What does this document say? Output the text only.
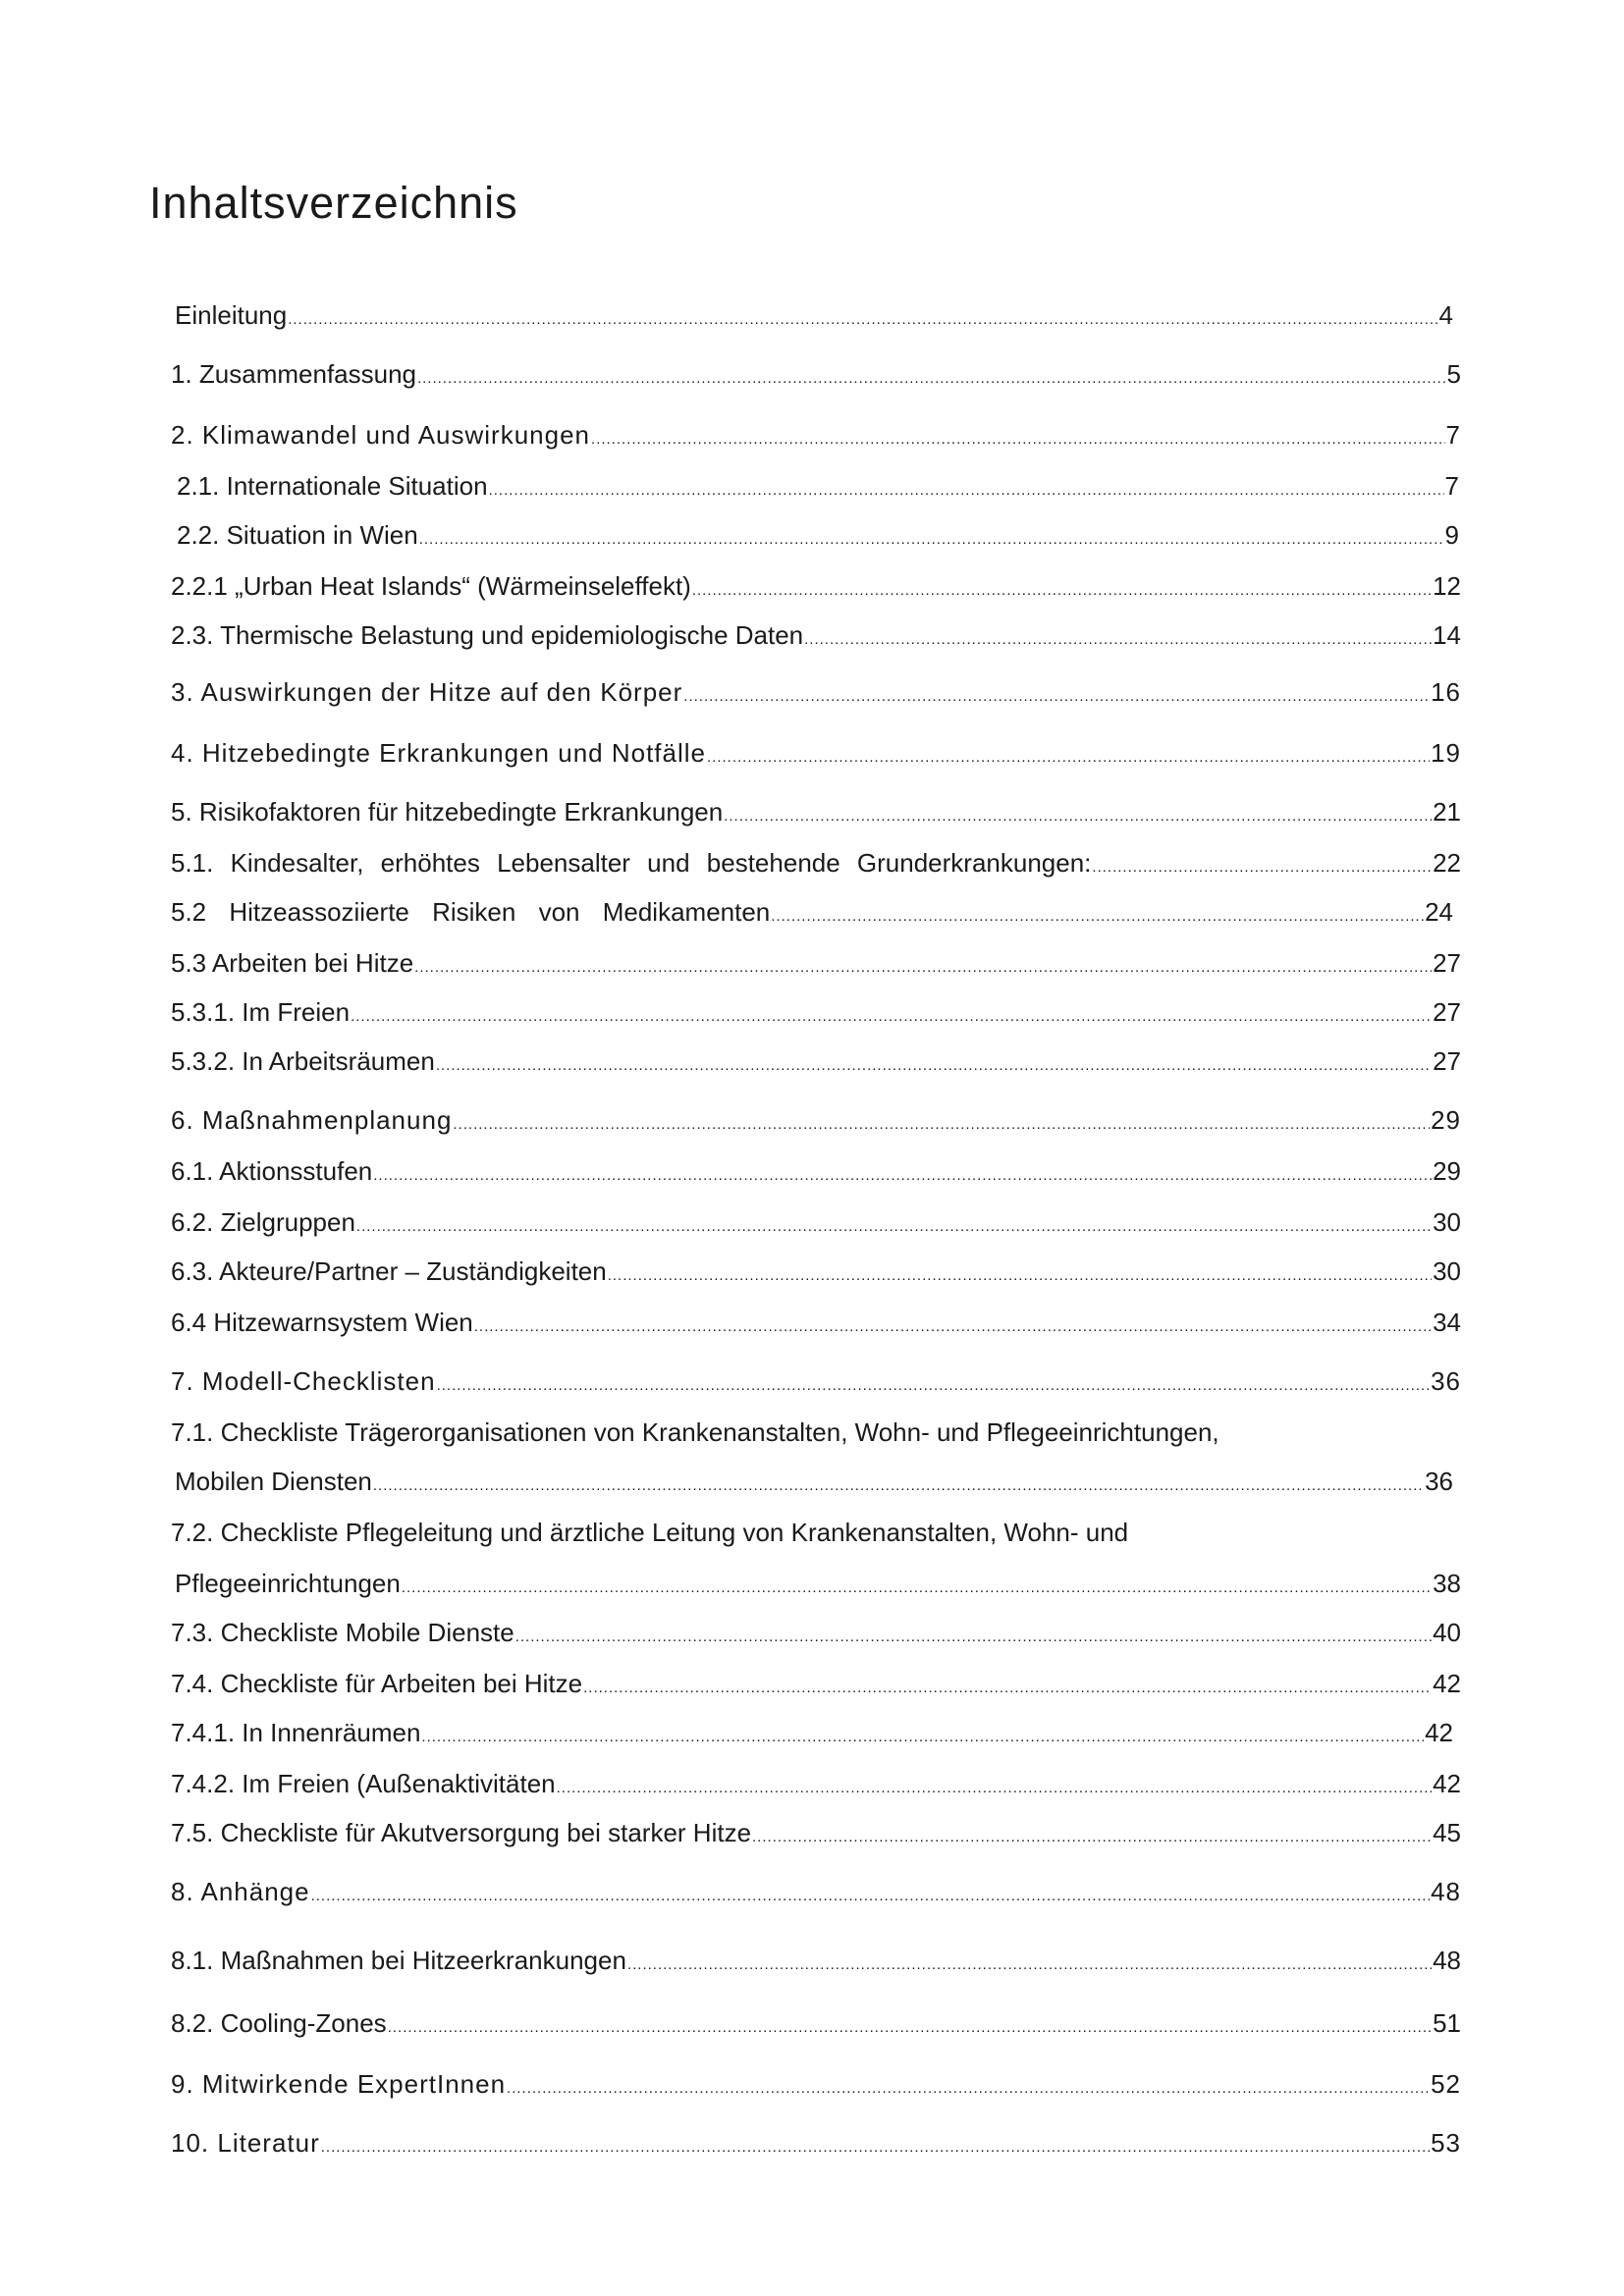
Inhaltsverzeichnis
Einleitung .....	4
1. Zusammenfassung .....	5
2. Klimawandel und Auswirkungen .....	7
2.1. Internationale Situation .....	7
2.2. Situation in Wien .....	9
2.2.1 „Urban Heat Islands“ (Wärmeinseleffekt) .....	12
2.3. Thermische Belastung und epidemiologische Daten .....	14
3. Auswirkungen der Hitze auf den Körper .....	16
4. Hitzebedingte Erkrankungen und Notfälle .....	19
5. Risikofaktoren für hitzebedingte Erkrankungen .....	21
5.1. Kindesalter, erhöhtes Lebensalter und bestehende Grunderkrankungen: .....	22
5.2 Hitzeassoziierte Risiken von Medikamenten .....	24
5.3 Arbeiten bei Hitze .....	27
5.3.1. Im Freien .....	27
5.3.2. In Arbeitsräumen .....	27
6. Maßnahmenplanung .....	29
6.1. Aktionsstufen .....	29
6.2. Zielgruppen .....	30
6.3. Akteure/Partner – Zuständigkeiten .....	30
6.4 Hitzewarnsystem Wien .....	34
7. Modell-Checklisten .....	36
7.1. Checkliste Trägerorganisationen von Krankenanstalten, Wohn- und Pflegeeinrichtungen,
Mobilen Diensten .....	36
7.2. Checkliste Pflegeleitung und ärztliche Leitung von Krankenanstalten, Wohn- und
Pflegeeinrichtungen .....	38
7.3. Checkliste Mobile Dienste .....	40
7.4. Checkliste für Arbeiten bei Hitze .....	42
7.4.1. In Innenräumen .....	42
7.4.2. Im Freien (Außenaktivitäten .....	42
7.5. Checkliste für Akutversorgung bei starker Hitze .....	45
8. Anhänge .....	48
8.1. Maßnahmen bei Hitzeerkrankungen .....	48
8.2. Cooling-Zones .....	51
9. Mitwirkende ExpertInnen .....	52
10. Literatur .....	53
